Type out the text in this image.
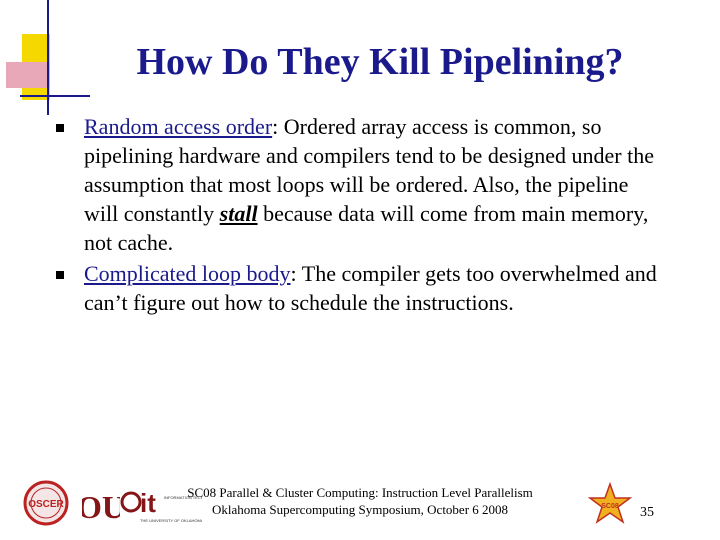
How Do They Kill Pipelining?
Random access order: Ordered array access is common, so pipelining hardware and compilers tend to be designed under the assumption that most loops will be ordered. Also, the pipeline will constantly stall because data will come from main memory, not cache.
Complicated loop body: The compiler gets too overwhelmed and can’t figure out how to schedule the instructions.
OSCER OU it INFORMATION TEC
THE UNIVERSITY OF OKLAHOMA
SC08 Parallel & Cluster Computing: Instruction Level Parallelism
Oklahoma Supercomputing Symposium, October 6 2008	SC08 35
